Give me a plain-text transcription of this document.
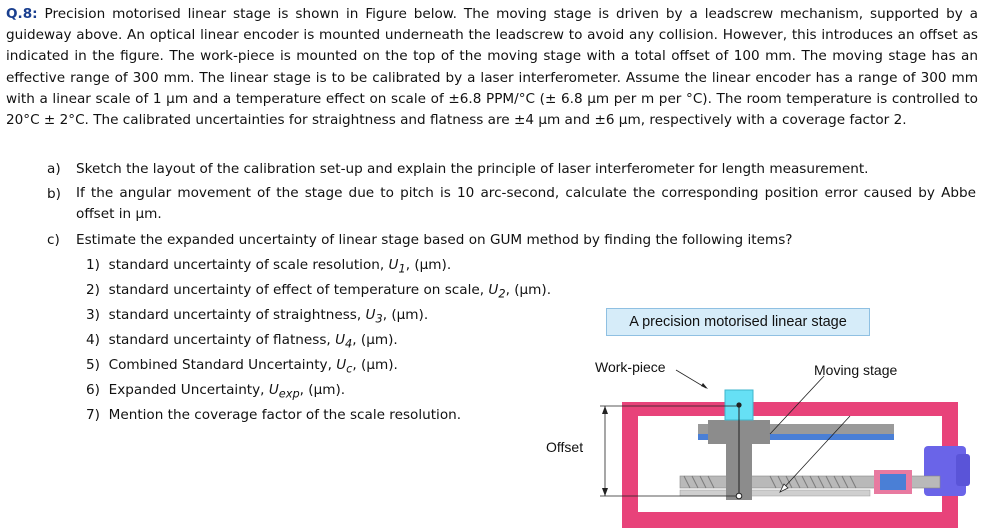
Q.8: Precision motorised linear stage is shown in Figure below. The moving stage is driven by a leadscrew mechanism, supported by a guideway above. An optical linear encoder is mounted underneath the leadscrew to avoid any collision. However, this introduces an offset as indicated in the figure. The work-piece is mounted on the top of the moving stage with a total offset of 100 mm. The moving stage has an effective range of 300 mm. The linear stage is to be calibrated by a laser interferometer. Assume the linear encoder has a range of 300 mm with a linear scale of 1 µm and a temperature effect on scale of ±6.8 PPM/°C (± 6.8 µm per m per °C). The room temperature is controlled to 20°C ± 2°C. The calibrated uncertainties for straightness and flatness are ±4 µm and ±6 µm, respectively with a coverage factor 2.

a) Sketch the layout of the calibration set-up and explain the principle of laser interferometer for length measurement.
b) If the angular movement of the stage due to pitch is 10 arc-second, calculate the corresponding position error caused by Abbe offset in µm.

c) Estimate the expanded uncertainty of linear stage based on GUM method by finding the following items?
1) standard uncertainty of scale resolution, $U_1$, (µm).
2) standard uncertainty of effect of temperature on scale, $U_2$, (µm).
3) standard uncertainty of straightness, $U_3$, (µm).
4) standard uncertainty of flatness, $U_4$, (µm).
5) Combined Standard Uncertainty, $U_c$, (µm).
6) Expanded Uncertainty, $U_{exp}$, (µm).
7) Mention the coverage factor of the scale resolution.
A precision motorised linear stage
Work-piece	Moving stage
Offset
